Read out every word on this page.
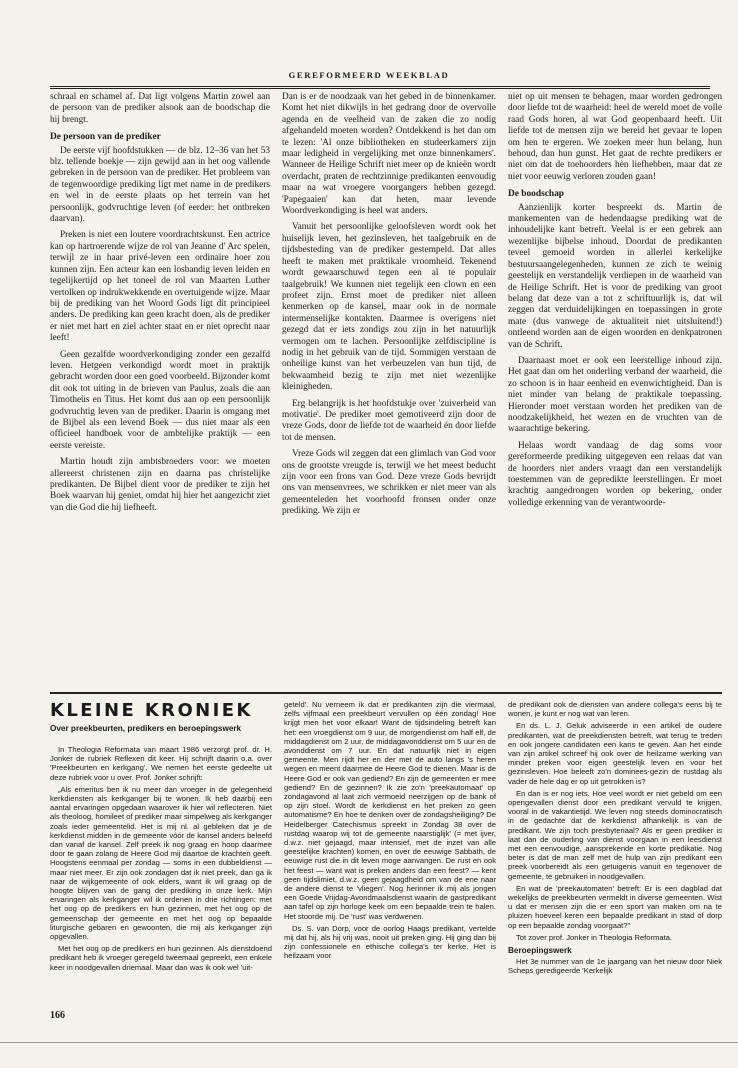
GEREFORMEERD WEEKBLAD

schraal en schamel af. Dat ligt volgens Martin zowel aan de persoon van de prediker alsook aan de boodschap die hij brengt.

De persoon van de prediker

De eerste vijf hoofdstukken — de blz. 12–36 van het 53 blz. tellende boekje — zijn gewijd aan in het oog vallende gebreken in de persoon van de prediker. Het probleem van de tegenwoordige prediking ligt met name in de predikers en wel in de eerste plaats op het terrein van het persoonlijk, godvruchtige leven (of eerder: het ontbreken daarvan).

Preken is niet een loutere voordrachtskunst. Een actrice kan op hartroerende wijze de rol van Jeanne d' Arc spelen, terwijl ze in haar privé-leven een ordinaire hoer zou kunnen zijn. Een acteur kan een losbandig leven leiden en tegelijkertijd op het toneel de rol van Maarten Luther vertolken op indrukwekkende en overtuigende wijze. Maar bij de prediking van het Woord Gods ligt dit principieel anders. De prediking kan geen kracht doen, als de prediker er niet met hart en ziel achter staat en er niet oprecht naar leeft!

Geen gezalfde woordverkondiging zonder een gezalfd leven. Hetgeen verkondigd wordt moet in praktijk gebracht worden door een goed voorbeeld. Bijzonder komt dit ook tot uiting in de brieven van Paulus, zoals die aan Timotheüs en Titus. Het komt dus aan op een persoonlijk godvruchtig leven van de prediker. Daarin is omgang met de Bijbel als een levend Boek — dus niet maar als een officieel handboek voor de ambtelijke praktijk — een eerste vereiste.

Martin houdt zijn ambtsbroeders voor: we moeten allereerst christenen zijn en daarna pas christelijke predikanten. De Bijbel dient voor de prediker te zijn het Boek waarvan hij geniet, omdat hij hier het aangezicht ziet van die God die hij liefheeft.

Dan is er de noodzaak van het gebed in de binnenkamer. Komt het niet dikwijls in het gedrang door de overvolle agenda en de veelheid van de zaken die zo nodig afgehandeld moeten worden? Ontdekkend is het dan om te lezen: 'Al onze bibliotheken en studeerkamers zijn maar ledigheid in vergelijking met onze binnenkamers'. Wanneer de Heilige Schrift niet meer op de knieën wordt overdacht, praten de rechtzinnige predikanten eenvoudig maar na wat vroegere voorgangers hebben gezegd. 'Papegaaien' kan dat heten, maar levende Woordverkondiging is heel wat anders.

Vanuit het persoonlijke geloofsleven wordt ook het huiselijk leven, het gezinsleven, het taalgebruik en de tijdsbesteding van de prediker gestempeld. Dat alles heeft te maken met praktikale vroomheid. Tekenend wordt gewaarschuwd tegen een al te populair taalgebruik! We kunnen niet tegelijk een clown en een profeet zijn. Ernst moet de prediker niet alleen kenmerken op de kansel, maar ook in de normale intermenselijke kontakten. Daarmee is overigens niet gezegd dat er iets zondigs zou zijn in het natuurlijk vermogen om te lachen. Persoonlijke zelfdiscipline is nodig in het gebruik van de tijd. Sommigen verstaan de onheilige kunst van het verbeuzelen van hun tijd, de bekwaamheid bezig te zijn met niet wezenlijke kleinigheden.

Erg belangrijk is het hoofdstukje over 'zuiverheid van motivatie'. De prediker moet gemotiveerd zijn door de vreze Gods, door de liefde tot de waarheid én door liefde tot de mensen.

Vreze Gods wil zeggen dat een glimlach van God voor ons de grootste vreugde is, terwijl we het meest beducht zijn voor een frons van God. Deze vreze Gods bevrijdt ons van mensenvrees, we schrikken er niet meer van als gemeenteleden het voorhoofd fronsen onder onze prediking. We zijn er

niet op uit mensen te behagen, maar worden gedrongen door liefde tot de waarheid: heel de wereld moet de volle raad Gods horen, al wat God geopenbaard heeft. Uit liefde tot de mensen zijn we bereid het gevaar te lopen om hen te ergeren. We zoeken meer hun belang, hun behoud, dan hun gunst. Het gaat de rechte predikers er niet om dat de toehoorders hèn liefhebben, maar dat ze niet voor eeuwig verloren zouden gaan!

De boodschap

Aanzienlijk korter bespreekt ds. Martin de mankementen van de hedendaagse prediking wat de inhoudelijke kant betreft. Veelal is er een gebrek aan wezenlijke bijbelse inhoud. Doordat de predikanten teveel gemoeid worden in allerlei kerkelijke bestuursaangelegenheden, kunnen ze zich te weinig geestelijk en verstandelijk verdiepen in de waarheid van de Heilige Schrift. Het is voor de prediking van groot belang dat deze van a tot z schriftuurlijk is, dat wil zeggen dat verduidelijkingen en toepassingen in grote mate (dus vanwege de aktualiteit niet uitsluitend!) ontleend worden aan de eigen woorden en denkpatronen van de Schrift.

Daarnaast moet er ook een leerstellige inhoud zijn. Het gaat dan om het onderling verband der waarheid, die zo schoon is in haar eenheid en evenwichtigheid. Dan is niet minder van belang de praktikale toepassing. Hieronder moet verstaan worden het prediken van de noodzakelijkheid, het wezen en de vruchten van de waarachtige bekering.

Helaas wordt vandaag de dag soms voor gereformeerde prediking uitgegeven een relaas dat van de hoorders niet anders vraagt dan een verstandelijk toestemmen van de gepredikte leerstellingen. Er moet krachtig aangedrongen worden op bekering, onder volledige erkenning van de verantwoorde-

KLEINE KRONIEK
Over preekbeurten, predikers en beroepingswerk

In Theologia Reformata van maart 1986 verzorgt prof. dr. H. Jonker de rubriek Reflexen dit keer. Hij schrijft daarin o.a. over 'Preekbeurten en kerkgang'. We nemen het eerste gedeelte uit deze rubriek voor u over. Prof. Jonker schrijft:

„Als emeritus ben ik nu meer dan vroeger in de gelegenheid kerkdiensten als kerkganger bij te wonen. Ik heb daarbij een aantal ervaringen opgedaan waarover ik hier wil reflecteren. Niet als theoloog, homileet of prediker maar simpelweg als kerkganger zoals ieder gemeentelid. Het is mij nl. al gebleken dat je de kerkdienst midden in de gemeente vóór de kansel anders beleefd dan vanaf de kansel. Zelf preek ik nog graag en hoop daarmee door te gaan zolang de Heere God mij daartoe de krachten geeft. Hoogstens eenmaal per zondag — soms in een dubbeldienst — maar niet meer. Er zijn ook zondagen dat ik niet preek, dan ga ik naar de wijkgemeente of ook elders, want ik wil graag op de hoogte blijven van de gang der prediking in onze kerk. Mijn ervaringen als kerkganger wil ik ordenen in drie richtingen: met het oog op de predikers en hun gezinnen, met het oog op de gemeenschap der gemeente en met het oog op bepaalde liturgische gebaren en gewoonten, die mij als kerkganger zijn opgevallen.

Met het oog op de predikers en hun gezinnen. Als dienstdoend predikant heb ik vroeger geregeld tweemaal gepreekt, een enkele keer in noodgevallen driemaal. Maar dan was ik ook wel 'uit-

geteld'. Nu verneem ik dat er predikanten zijn die viermaal, zelfs vijfmaal een preekbeurt vervullen op één zondag! Hoe krijgt men het voor elkaar! Want de tijdsindeling betreft kan het: een vroegdienst om 9 uur, de morgendienst om half elf, de middagdienst om 2 uur, de middagavonddienst om 5 uur en de avonddienst om 7 uur. En dat natuurlijk niet in eigen gemeente. Men rijdt her en der met de auto langs 's heren wegen en meent daarmee de Heere God te dienen. Maar is de Heere God er ook van gediend? En zijn de gemeenten er mee gediend? En de gezinnen? Ik zie zo'n 'preekautomaat' op zondagavond al laat zich vermoeid neerzijgen op de bank of op zijn stoel. Wordt de kerkdienst en het preken zo geen automatisme? En hoe te denken over de zondagsheiliging? De Heidelberger Catechismus spreekt in Zondag 38 over de rustdag waarop wij tot de gemeente naarstiglijk' (= met ijver, d.w.z. niet gejaagd, maar intensief, met de inzet van alle geestelijke krachten) komen, en over de eeuwige Sabbath, de eeuwige rust die in dit leven moge aanvangen. De rust en ook het feest — want wat is preken anders dan een feest? — kent geen tijdslimiet, d.w.z. geen gejaagdheid om van de ene naar de andere dienst te 'vliegen'. Nog herinner ik mij als jongen een Goede Vrijdag-Avondmaalsdienst waarin de gastpredikant aan tafel op zijn horloge keek om een bepaalde trein te halen. Het stoorde mij. De 'rust' was verdwenen.

Ds. S. van Dorp, voor de oorlog Haags predikant, vertelde mij dat hij, als hij vrij was, nooit uit preken ging. Hij ging dan bij zijn confessionele en ethische collega's ter kerke. Het is heilzaam voor

de predikant ook de diensten van andere collega's eens bij te wonen, je kunt er nog wat van leren.

En ds. L. J. Geluk adviseerde in een artikel de oudere predikanten, wat de preekdiensten betreft, wat terug te treden en ook jongere candidaten een kans te geven. Aan het einde van zijn artikel schreef hij ook over de heilzame werking van minder preken voor eigen geestelijk leven en voor het gezinsleven. Hoe beleeft zo'n dominees-gezin de rustdag als vader de hele dag er op uit getrokken is?

En dan is er nog iets. Hoe veel wordt er niet gebeld om een opengevallen dienst door een predikant vervuld te krijgen, vooral in de vakantietijd. We leven nog steeds dominocratisch in de gedachte dat de kerkdienst afhankelijk is van de predikant. We zijn toch presbyteriaal? Als er geen prediker is laat dan de ouderling van dienst voorgaan in een leesdienst met een eenvoudige, aansprekende en korte predikatie. Nog beter is dat de man zelf met de hulp van zijn predikant een preek voorbereidt als een getuigenis vanuit en tegenover de gemeente, te gebruiken in noodgevallen.

En wat de 'preekautomaten' betreft: Er is een dagblad dat wekelijks de preekbeurten vermeldt in diverse gemeenten. Wist u dat er mensen zijn die er een sport van maken om na te pluizen hoeveel keren een bepaalde predikant in stad of dorp op een bepaalde zondag voorgaat?"

Tot zover prof. Jonker in Theologia Reformata.

Beroepingswerk

Het 3e nummer van de 1e jaargang van het nieuw door Niek Scheps geredigeerde 'Kerkelijk

166
